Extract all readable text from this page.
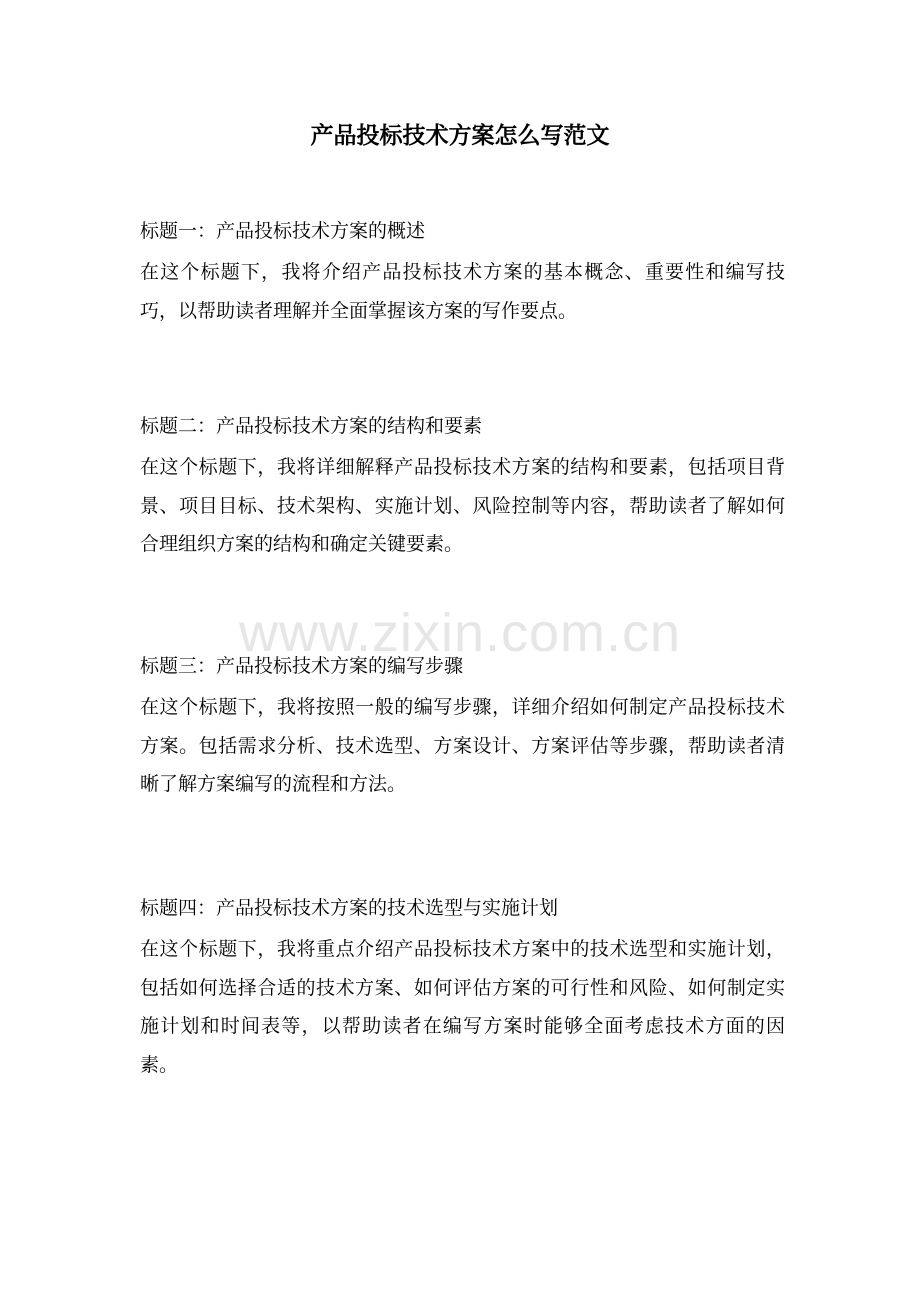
产品投标技术方案怎么写范文

标题一：产品投标技术方案的概述

在这个标题下，我将介绍产品投标技术方案的基本概念、重要性和编写技巧，以帮助读者理解并全面掌握该方案的写作要点。

标题二：产品投标技术方案的结构和要素

在这个标题下，我将详细解释产品投标技术方案的结构和要素，包括项目背景、项目目标、技术架构、实施计划、风险控制等内容，帮助读者了解如何合理组织方案的结构和确定关键要素。

www.zixin.com.cn

标题三：产品投标技术方案的编写步骤

在这个标题下，我将按照一般的编写步骤，详细介绍如何制定产品投标技术方案。包括需求分析、技术选型、方案设计、方案评估等步骤，帮助读者清晰了解方案编写的流程和方法。

标题四：产品投标技术方案的技术选型与实施计划

在这个标题下，我将重点介绍产品投标技术方案中的技术选型和实施计划，包括如何选择合适的技术方案、如何评估方案的可行性和风险、如何制定实施计划和时间表等，以帮助读者在编写方案时能够全面考虑技术方面的因素。
